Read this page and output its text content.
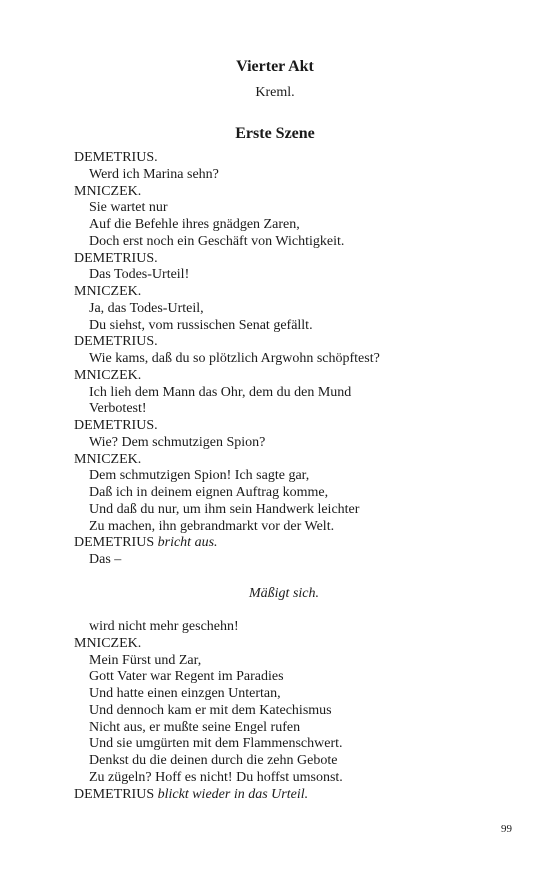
Vierter Akt
Kreml.
Erste Szene
DEMETRIUS.
Werd ich Marina sehn?
MNICZEK.
Sie wartet nur
Auf die Befehle ihres gnädgen Zaren,
Doch erst noch ein Geschäft von Wichtigkeit.
DEMETRIUS.
Das Todes-Urteil!
MNICZEK.
Ja, das Todes-Urteil,
Du siehst, vom russischen Senat gefällt.
DEMETRIUS.
Wie kams, daß du so plötzlich Argwohn schöpftest?
MNICZEK.
Ich lieh dem Mann das Ohr, dem du den Mund
Verbotest!
DEMETRIUS.
Wie? Dem schmutzigen Spion?
MNICZEK.
Dem schmutzigen Spion! Ich sagte gar,
Daß ich in deinem eignen Auftrag komme,
Und daß du nur, um ihm sein Handwerk leichter
Zu machen, ihn gebrandmarkt vor der Welt.
DEMETRIUS bricht aus.
Das –
Mäßigt sich.
wird nicht mehr geschehn!
MNICZEK.
Mein Fürst und Zar,
Gott Vater war Regent im Paradies
Und hatte einen einzgen Untertan,
Und dennoch kam er mit dem Katechismus
Nicht aus, er mußte seine Engel rufen
Und sie umgürten mit dem Flammenschwert.
Denkst du die deinen durch die zehn Gebote
Zu zügeln? Hoff es nicht! Du hoffst umsonst.
DEMETRIUS blickt wieder in das Urteil.
99
